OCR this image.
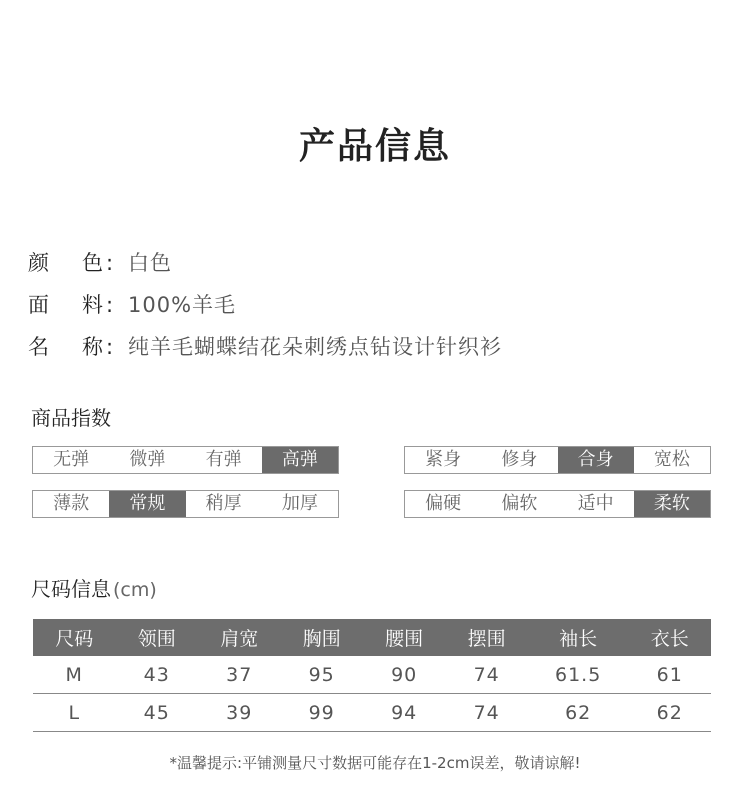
产品信息
颜 色 : 白色
面 料 : 100%羊毛
名 称 : 纯羊毛蝴蝶结花朵刺绣点钻设计针织衫
商品指数
无弹	微弹	有弹	高弹	紧身	修身	合身	宽松
薄款	常规	稍厚	加厚	偏硬	偏软	适中	柔软
尺码信息 (cm)
尺码	领围	肩宽	胸围	腰围	摆围	袖长	衣长
M	43	37	95	90	74	61.5	61
L	45	39	99	94	74	62	62
*温馨提示:平铺测量尺寸数据可能存在1-2cm误差，敬请谅解!
